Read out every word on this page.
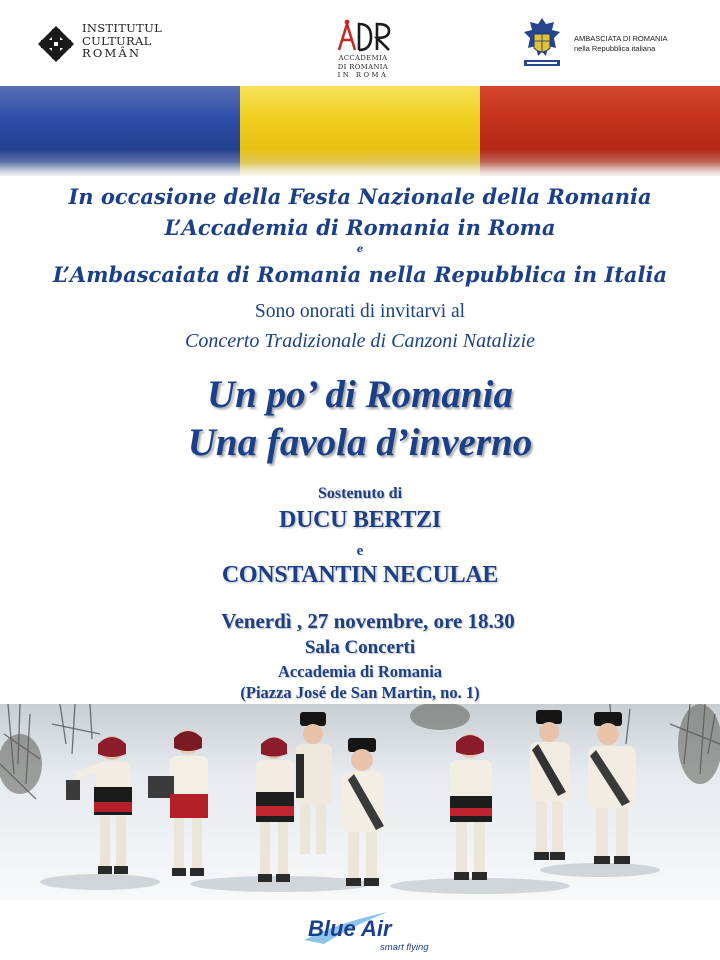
INSTITUTUL
CULTURAL
ROMÂN	ACCADEMIA
DI ROMANIA
IN ROMA
AMBASCIATA DI ROMANIA
nella Repubblica italiana
In occasione della Festa Nazionale della Romania
L’Accademia di Romania in Roma
e
L’Ambascaiata di Romania nella Repubblica in Italia
Sono onorati di invitarvi al
Concerto Tradizionale di Canzoni Natalizie
Un po’ di Romania
Una favola d’inverno
Sostenuto di
DUCU BERTZI
e
CONSTANTIN NECULAE
Venerdì , 27 novembre, ore 18.30
Sala Concerti
Accademia di Romania
(Piazza José de San Martin, no. 1)
Blue Air
smart flying
